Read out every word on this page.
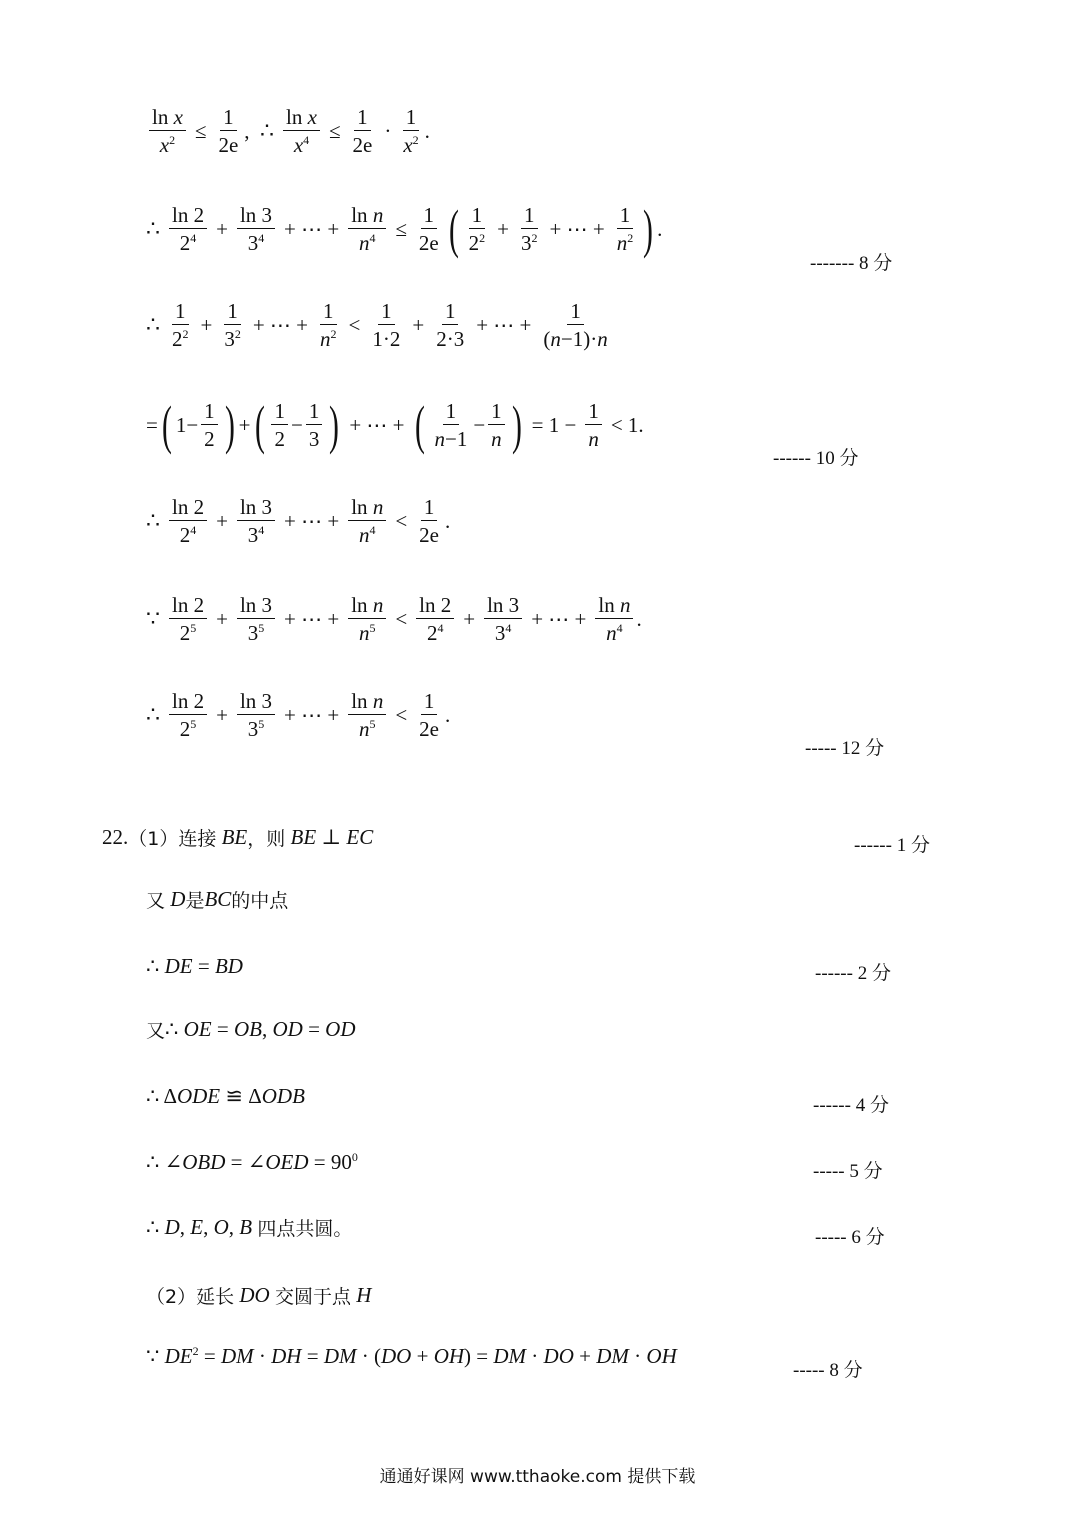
$\frac{\text{ln x}}{x^2} \le \frac{1}{2e}$ , ∴ $\frac{\text{ln x}}{x^4} \le \frac{1}{2e} \cdot \frac{1}{x^2}$ .
∴ $\frac{\ln 2}{2^4} + \frac{\ln 3}{3^4}$ + ⋯ + $\frac{\text{ln n}}{n^4} \le \frac{1}{2e}$ ( $\frac{1}{2^2} + \frac{1}{3^2}$ + ⋯ + $\frac{1}{n^2}$ ) .
------- 8 分
∴ $\frac{1}{2^2} + \frac{1}{3^2}$ + ⋯ + $\frac{1}{n^2} < \frac{1}{1\cdot 2} + \frac{1}{2\cdot 3}$ + ⋯ + $\frac{1}{(n-1)\cdot n}$
= ( $1- \frac{1}{2}$ ) + ( $\frac{1}{2} - \frac{1}{3}$ ) + ⋯ + ( $\frac{1}{n-1} - \frac{1}{n}$ ) = $1 - \frac{1}{n} < 1$.
------ 10 分
∴ $\frac{\ln 2}{2^4} + \frac{\ln 3}{3^4}$ + ⋯ + $\frac{\text{ln n}}{n^4} < \frac{1}{2e}$ .
∵ $\frac{\ln 2}{2^5} + \frac{\ln 3}{3^5}$ + ⋯ + $\frac{\text{ln n}}{n^5} < \frac{\ln 2}{2^4} + \frac{\ln 3}{3^4}$ + ⋯ + $\frac{\text{ln n}}{n^4}$ .
∴ $\frac{\ln 2}{2^5} + \frac{\ln 3}{3^5}$ + ⋯ + $\frac{\text{ln n}}{n^5} < \frac{1}{2e}$ .
----- 12 分
22. （1）连接 BE ，则 BE ⊥ EC	------ 1 分
又 D 是 BC 的中点
∴ DE = BD	------ 2 分
又 ∴ OE = OB, OD = OD
∴ ΔODE ≌ ΔODB	------ 4 分
∴ ∠OBD = ∠OED = $90^0$
----- 5 分
∴ D, E, O, B 四点共圆。	----- 6 分
（2）延长 DO 交圆于点 H
∵ $DE^2$ = DM · DH = DM · (DO + OH) = DM · DO + DM · OH
----- 8 分
通通好课网 www.tthaoke.com 提供下载
